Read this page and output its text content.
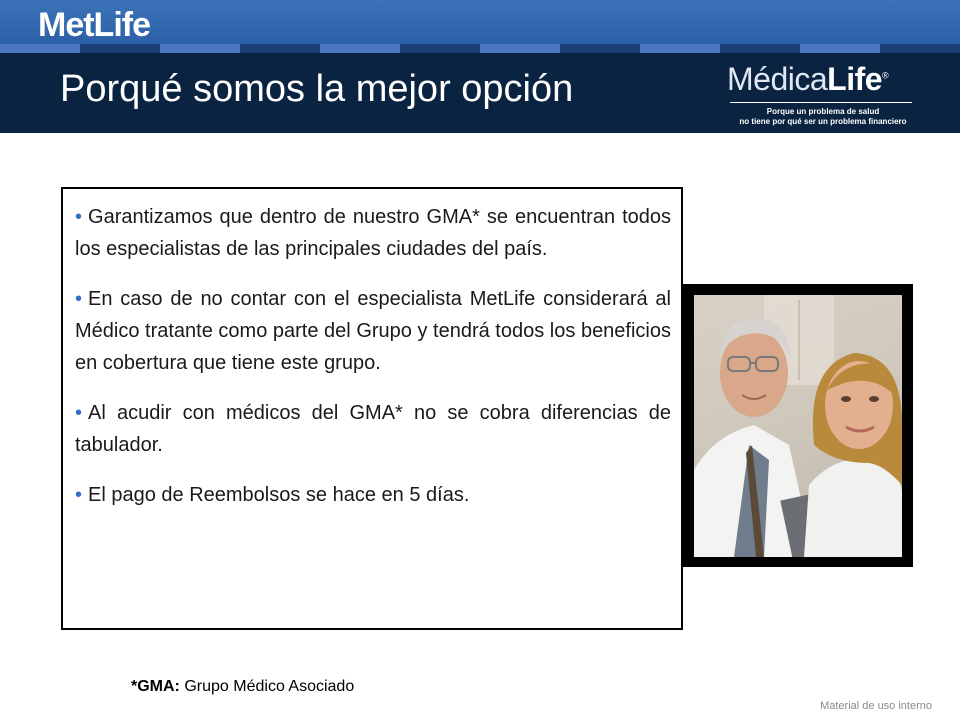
MetLife
Porqué somos la mejor opción	MédicaLife®
Porque un problema de salud
no tiene por qué ser un problema financiero

• Garantizamos que dentro de nuestro GMA* se encuentran todos los especialistas de las principales ciudades del país.

• En caso de no contar con el especialista MetLife considerará al Médico tratante como parte del Grupo y tendrá todos los beneficios en cobertura que tiene este grupo.

• Al acudir con médicos del GMA* no se cobra diferencias de tabulador.

• El pago de Reembolsos se hace en 5 días.

*GMA: Grupo Médico Asociado
Material de uso interno
